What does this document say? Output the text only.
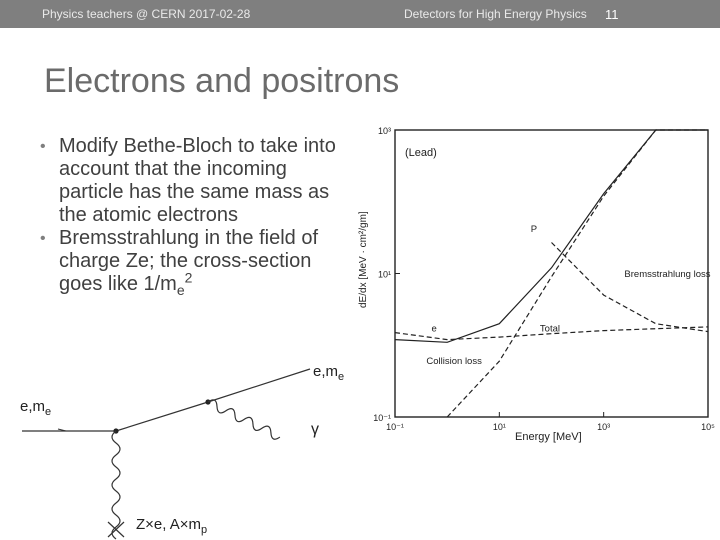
Physics teachers @ CERN 2017-02-28	Detectors for High Energy Physics 11
Electrons and positrons
• Modify Bethe-Bloch to take into account that the incoming particle has the same mass as the atomic electrons
• Bremsstrahlung in the field of charge Ze; the cross-section goes like $1/m_e^2$
$e,m_e$
$e,m_e$
γ
Z×e, $A\times m_p$
(Lead)
dE/dx [MeV · cm²/gm]
Energy [MeV]
10⁻¹	10¹	10³	10⁵
10³
10¹
10⁻¹
P
e
Bremsstrahlung loss
Total
Collision loss
